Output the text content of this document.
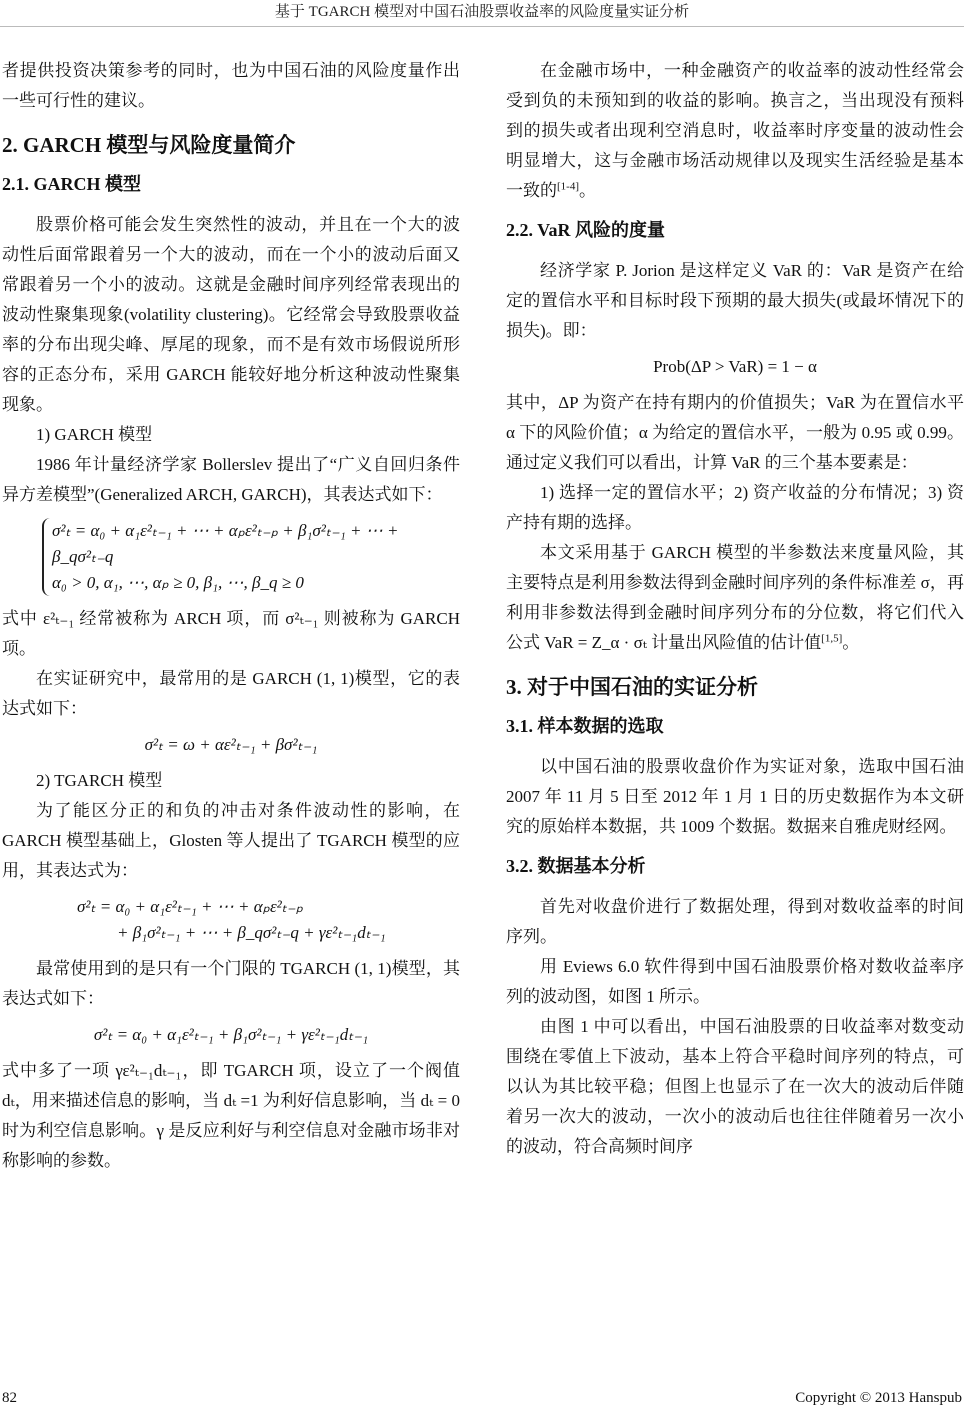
基于 TGARCH 模型对中国石油股票收益率的风险度量实证分析

者提供投资决策参考的同时，也为中国石油的风险度量作出一些可行性的建议。

2. GARCH 模型与风险度量简介
2.1. GARCH 模型

股票价格可能会发生突然性的波动，并且在一个大的波动性后面常跟着另一个大的波动，而在一个小的波动后面又常跟着另一个小的波动。这就是金融时间序列经常表现出的波动性聚集现象(volatility clustering)。它经常会导致股票收益率的分布出现尖峰、厚尾的现象，而不是有效市场假说所形容的正态分布，采用 GARCH 能较好地分析这种波动性聚集现象。

1) GARCH 模型

1986 年计量经济学家 Bollerslev 提出了“广义自回归条件异方差模型”(Generalized ARCH, GARCH)，其表达式如下：

σ²ₜ = α₀ + α₁ε²ₜ₋₁ + ⋯ + αₚε²ₜ₋ₚ + β₁σ²ₜ₋₁ + ⋯ + β_qσ²ₜ₋q
α₀ > 0, α₁, ⋯, αₚ ≥ 0, β₁, ⋯, β_q ≥ 0

式中 ε²ₜ₋₁ 经常被称为 ARCH 项，而 σ²ₜ₋₁ 则被称为 GARCH 项。

在实证研究中，最常用的是 GARCH (1, 1)模型，它的表达式如下：

σ²ₜ = ω + αε²ₜ₋₁ + βσ²ₜ₋₁

2) TGARCH 模型

为了能区分正的和负的冲击对条件波动性的影响，在 GARCH 模型基础上，Glosten 等人提出了 TGARCH 模型的应用，其表达式为：

σ²ₜ = α₀ + α₁ε²ₜ₋₁ + ⋯ + αₚε²ₜ₋ₚ
+ β₁σ²ₜ₋₁ + ⋯ + β_qσ²ₜ₋q + γε²ₜ₋₁dₜ₋₁

最常使用到的是只有一个门限的 TGARCH (1, 1)模型，其表达式如下：

σ²ₜ = α₀ + α₁ε²ₜ₋₁ + β₁σ²ₜ₋₁ + γε²ₜ₋₁dₜ₋₁

式中多了一项 γε²ₜ₋₁dₜ₋₁，即 TGARCH 项，设立了一个阀值 dₜ，用来描述信息的影响，当 dₜ =1 为利好信息影响，当 dₜ = 0 时为利空信息影响。γ 是反应利好与利空信息对金融市场非对称影响的参数。

在金融市场中，一种金融资产的收益率的波动性经常会受到负的未预知到的收益的影响。换言之，当出现没有预料到的损失或者出现利空消息时，收益率时序变量的波动性会明显增大，这与金融市场活动规律以及现实生活经验是基本一致的[1-4]。

2.2. VaR 风险的度量

经济学家 P. Jorion 是这样定义 VaR 的：VaR 是资产在给定的置信水平和目标时段下预期的最大损失(或最坏情况下的损失)。即：

Prob(ΔP > VaR) = 1 − α

其中，ΔP 为资产在持有期内的价值损失；VaR 为在置信水平 α 下的风险价值；α 为给定的置信水平，一般为 0.95 或 0.99。通过定义我们可以看出，计算 VaR 的三个基本要素是：

1) 选择一定的置信水平；2) 资产收益的分布情况；3) 资产持有期的选择。

本文采用基于 GARCH 模型的半参数法来度量风险，其主要特点是利用参数法得到金融时间序列的条件标准差 σ，再利用非参数法得到金融时间序列分布的分位数，将它们代入公式 VaR = Z_α · σₜ 计量出风险值的估计值[1,5]。

3. 对于中国石油的实证分析
3.1. 样本数据的选取

以中国石油的股票收盘价作为实证对象，选取中国石油 2007 年 11 月 5 日至 2012 年 1 月 1 日的历史数据作为本文研究的原始样本数据，共 1009 个数据。数据来自雅虎财经网。

3.2. 数据基本分析

首先对收盘价进行了数据处理，得到对数收益率的时间序列。

用 Eviews 6.0 软件得到中国石油股票价格对数收益率序列的波动图，如图 1 所示。

由图 1 中可以看出，中国石油股票的日收益率对数变动围绕在零值上下波动，基本上符合平稳时间序列的特点，可以认为其比较平稳；但图上也显示了在一次大的波动后伴随着另一次大的波动，一次小的波动后也往往伴随着另一次小的波动，符合高频时间序

82	Copyright © 2013 Hanspub
